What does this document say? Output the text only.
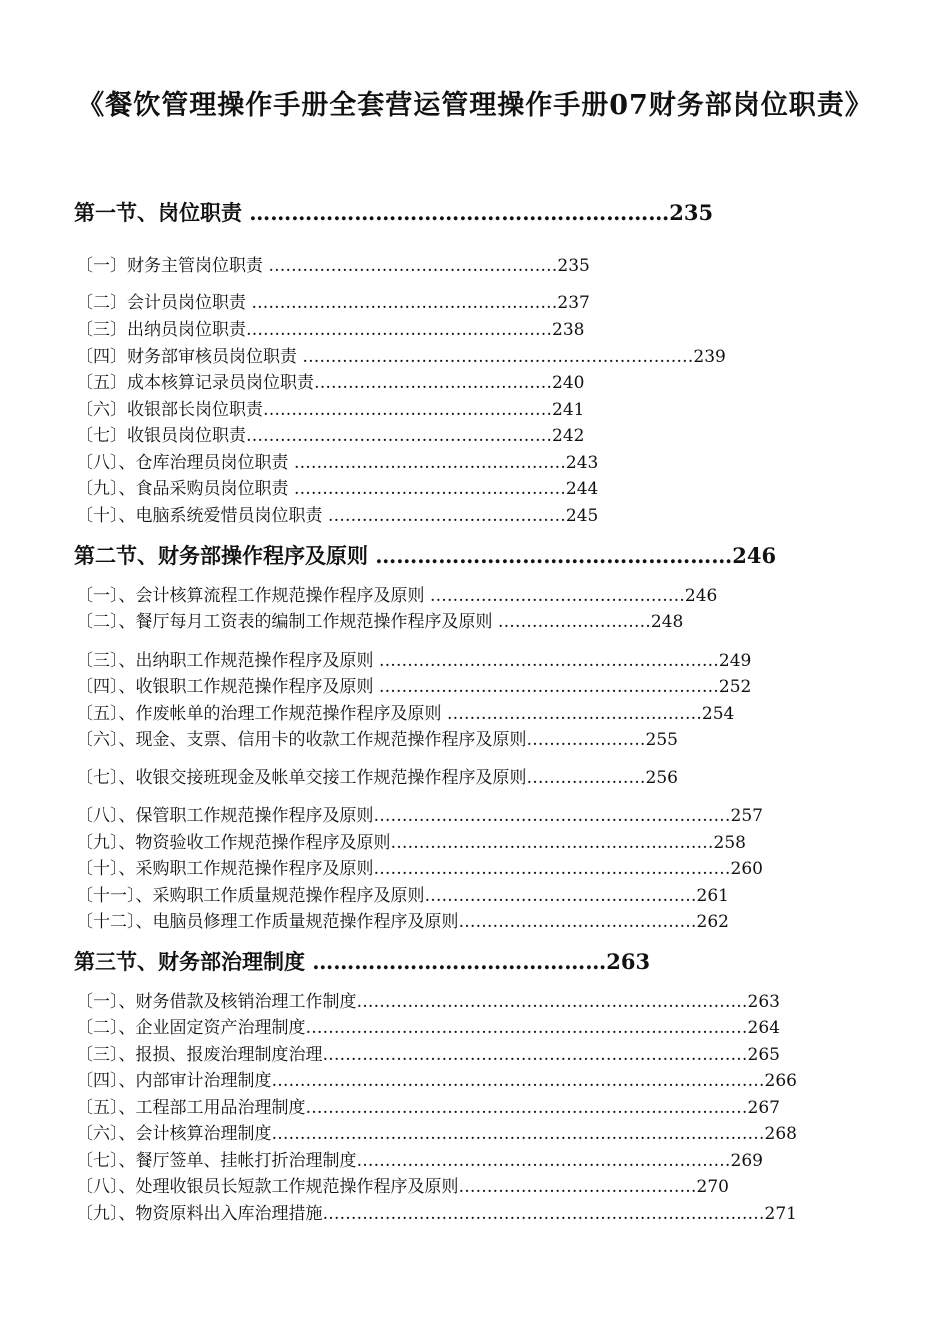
《餐饮管理操作手册全套营运管理操作手册07财务部岗位职责》
第一节、岗位职责 ……………………………………………………235
〔一〕财务主管岗位职责 ……………………………………………235
〔二〕会计员岗位职责 ………………………………………………237
〔三〕出纳员岗位职责………………………………………………238
〔四〕财务部审核员岗位职责 ……………………………………………………………239
〔五〕成本核算记录员岗位职责……………………………………240
〔六〕收银部长岗位职责……………………………………………241
〔七〕收银员岗位职责………………………………………………242
〔八〕、仓库治理员岗位职责 …………………………………………243
〔九〕、食品采购员岗位职责 …………………………………………244
〔十〕、电脑系统爱惜员岗位职责 ……………………………………245
第二节、财务部操作程序及原则 ……………………………………………246
〔一〕、会计核算流程工作规范操作程序及原则 ………………………………………246
〔二〕、餐厅每月工资表的编制工作规范操作程序及原则 ………………………248
〔三〕、出纳职工作规范操作程序及原则 ……………………………………………………249
〔四〕、收银职工作规范操作程序及原则 ……………………………………………………252
〔五〕、作废帐单的治理工作规范操作程序及原则 ………………………………………254
〔六〕、现金、支票、信用卡的收款工作规范操作程序及原则…………………255
〔七〕、收银交接班现金及帐单交接工作规范操作程序及原则…………………256
〔八〕、保管职工作规范操作程序及原则………………………………………………………257
〔九〕、物资验收工作规范操作程序及原则…………………………………………………258
〔十〕、采购职工作规范操作程序及原则………………………………………………………260
〔十一〕、采购职工作质量规范操作程序及原则…………………………………………261
〔十二〕、电脑员修理工作质量规范操作程序及原则……………………………………262
第三节、财务部治理制度 ……………………………………263
〔一〕、财务借款及核销治理工作制度……………………………………………………………263
〔二〕、企业固定资产治理制度……………………………………………………………………264
〔三〕、报损、报废治理制度治理…………………………………………………………………265
〔四〕、内部审计治理制度……………………………………………………………………………266
〔五〕、工程部工用品治理制度……………………………………………………………………267
〔六〕、会计核算治理制度……………………………………………………………………………268
〔七〕、餐厅签单、挂帐打折治理制度…………………………………………………………269
〔八〕、处理收银员长短款工作规范操作程序及原则……………………………………270
〔九〕、物资原料出入库治理措施……………………………………………………………………271
